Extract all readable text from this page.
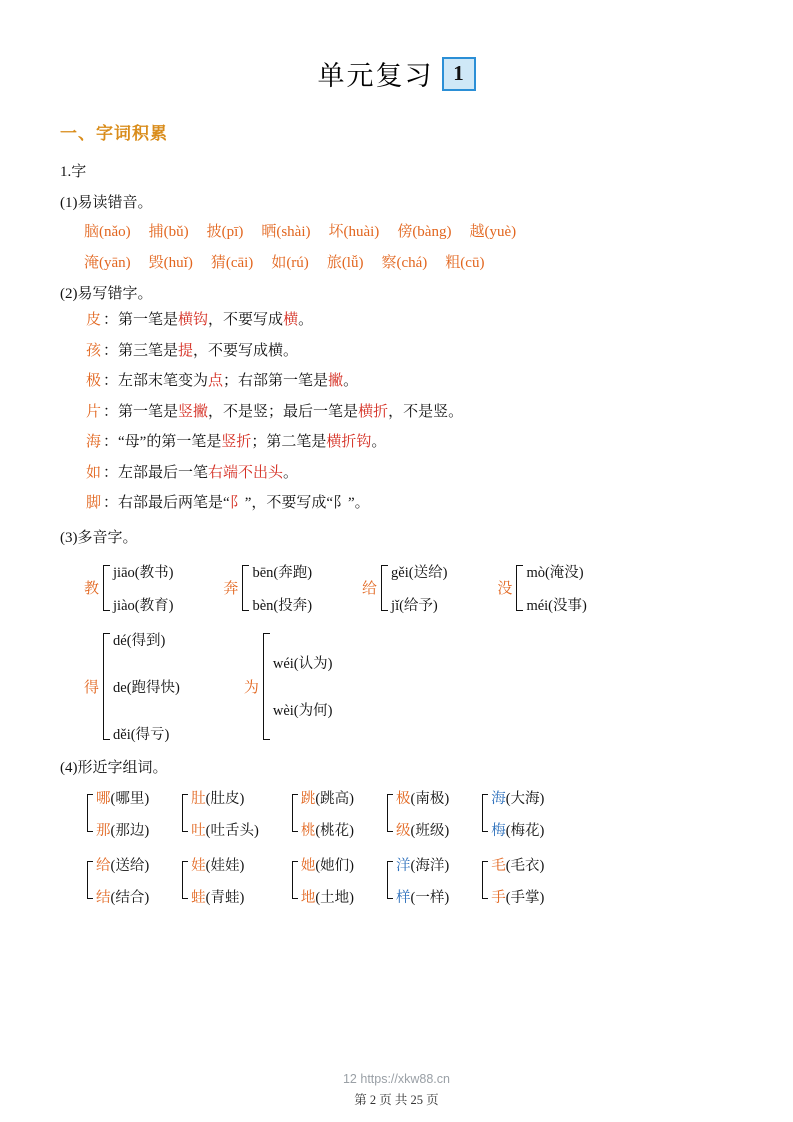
单元复习 1
一、字词积累
1.字
(1)易读错音。
脑(nǎo) 捕(bǔ) 披(pī) 晒(shài) 坏(huài) 傍(bàng) 越(yuè)
淹(yān) 毁(huǐ) 猜(cāi) 如(rú) 旅(lǚ) 察(chá) 粗(cū)
(2)易写错字。
皮 ：第一笔是横钩，不要写成横。
孩 ：第三笔是提，不要写成横。
极 ：左部末笔变为点；右部第一笔是撇。
片 ：第一笔是竖撇，不是竖；最后一笔是横折，不是竖。
海 ：“母”的第一笔是竖折；第二笔是横折钩。
如 ：左部最后一笔右端不出头。
脚 ：右部最后两笔是“阝”，不要写成“阝”。
(3)多音字。
教
jiāo(教书)
jiào(教育)
奔
bēn(奔跑)
bèn(投奔)
给
gěi(送给)
jǐ(给予)
没
mò(淹没)
méi(没事)
得
dé(得到)
de(跑得快)
děi(得亏)
为
wéi(认为)
wèi(为何)
(4)形近字组词。
哪(哪里)
那(那边)
给(送给)
结(结合)
肚(肚皮)
吐(吐舌头)
娃(娃娃)
蛙(青蛙)
跳(跳高)
桃(桃花)
她(她们)
地(土地)
极(南极)
级(班级)
洋(海洋)
样(一样)
海(大海)
梅(梅花)
毛(毛衣)
手(手掌)
12 https://xkw88.cn
第 2 页 共 25 页
